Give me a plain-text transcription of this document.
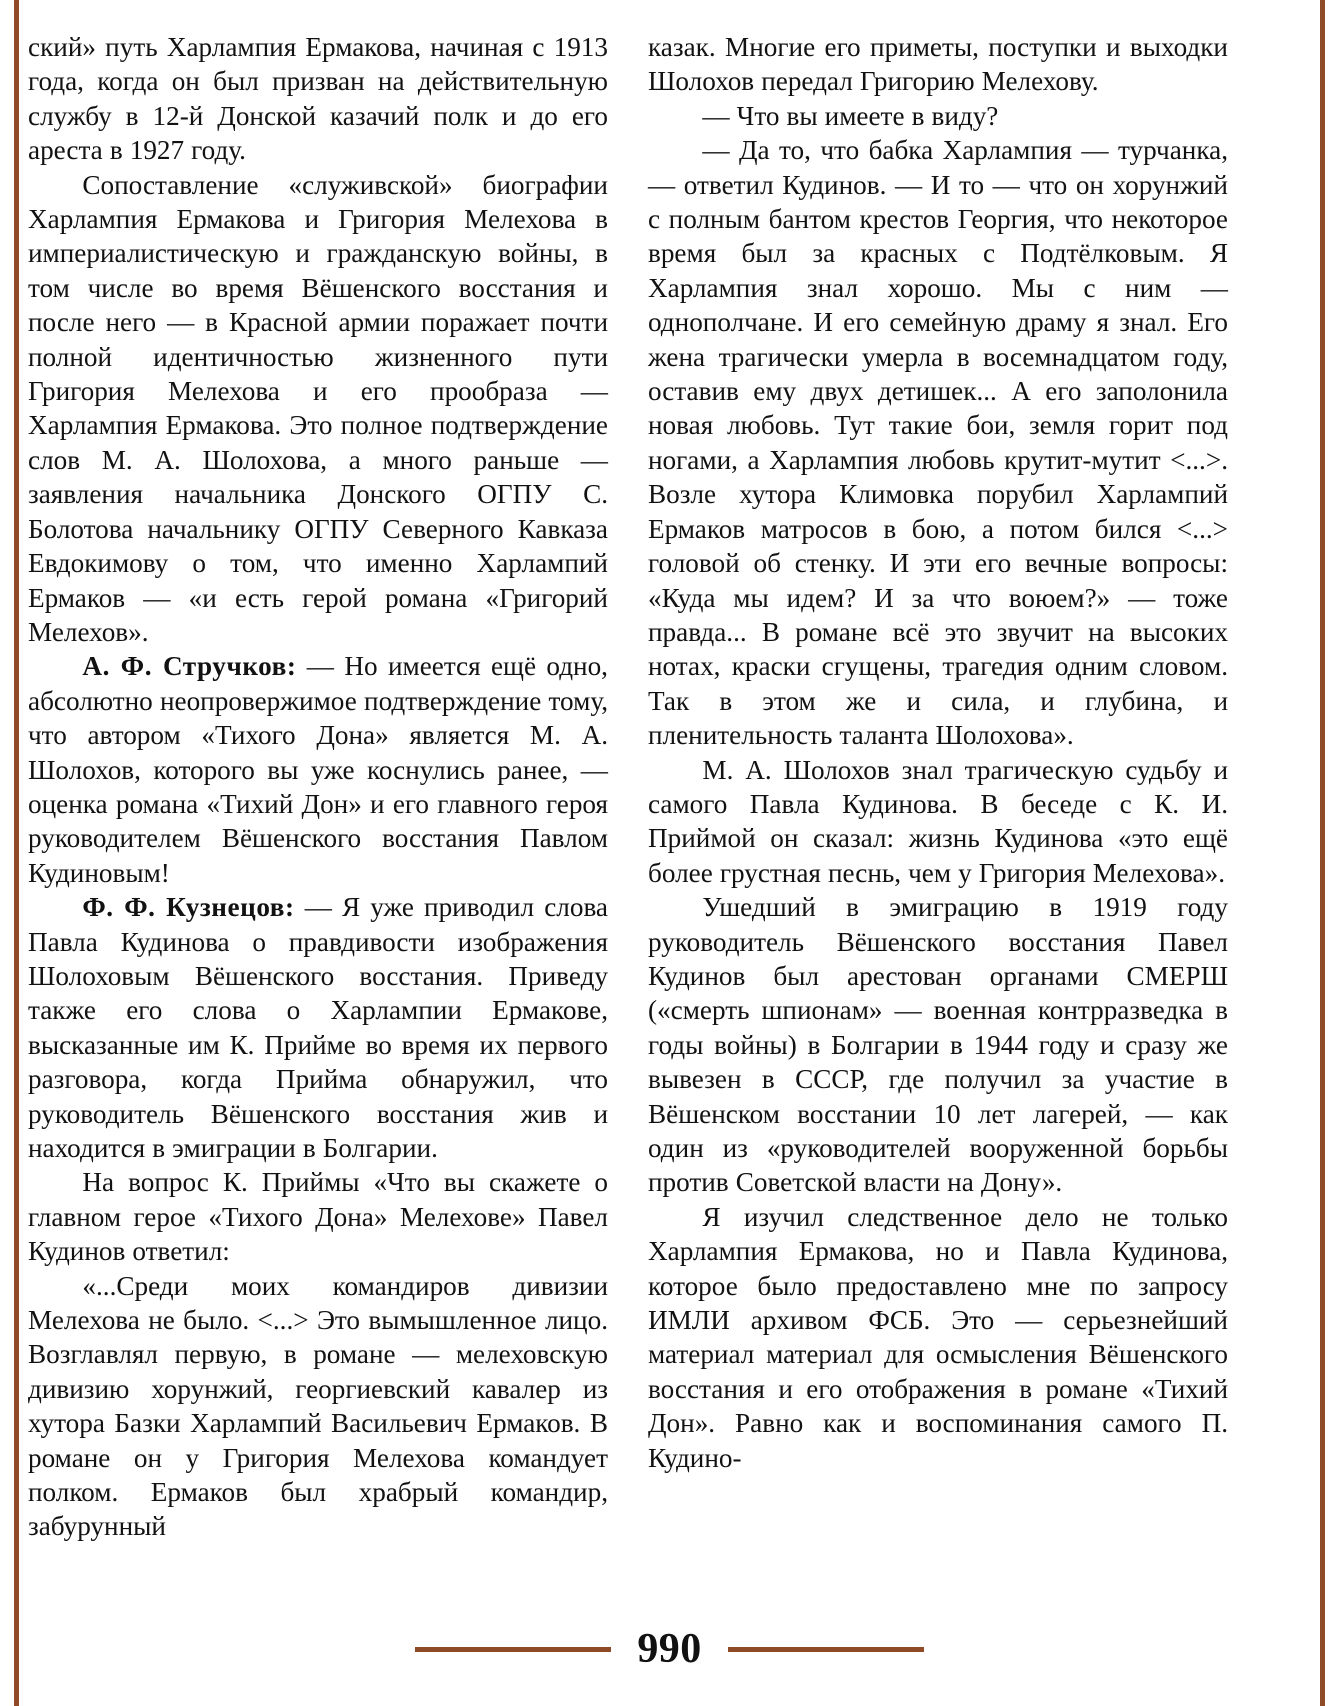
ский» путь Харлампия Ермакова, начиная с 1913 года, когда он был призван на действительную службу в 12-й Донской казачий полк и до его ареста в 1927 году.

Сопоставление «служивской» биографии Харлампия Ермакова и Григория Мелехова в империалистическую и гражданскую войны, в том числе во время Вёшенского восстания и после него — в Красной армии поражает почти полной идентичностью жизненного пути Григория Мелехова и его прообраза — Харлампия Ермакова. Это полное подтверждение слов М. А. Шолохова, а много раньше — заявления начальника Донского ОГПУ С. Болотова начальнику ОГПУ Северного Кавказа Евдокимову о том, что именно Харлампий Ермаков — «и есть герой романа «Григорий Мелехов».

А. Ф. Стручков: — Но имеется ещё одно, абсолютно неопровержимое подтверждение тому, что автором «Тихого Дона» является М. А. Шолохов, которого вы уже коснулись ранее, — оценка романа «Тихий Дон» и его главного героя руководителем Вёшенского восстания Павлом Кудиновым!

Ф. Ф. Кузнецов: — Я уже приводил слова Павла Кудинова о правдивости изображения Шолоховым Вёшенского восстания. Приведу также его слова о Харлампии Ермакове, высказанные им К. Прийме во время их первого разговора, когда Прийма обнаружил, что руководитель Вёшенского восстания жив и находится в эмиграции в Болгарии.

На вопрос К. Приймы «Что вы скажете о главном герое «Тихого Дона» Мелехове» Павел Кудинов ответил:

«...Среди моих командиров дивизии Мелехова не было. <...> Это вымышленное лицо. Возглавлял первую, в романе — мелеховскую дивизию хорунжий, георгиевский кавалер из хутора Базки Харлампий Васильевич Ермаков. В романе он у Григория Мелехова командует полком. Ермаков был храбрый командир, забурунный

казак. Многие его приметы, поступки и выходки Шолохов передал Григорию Мелехову.

— Что вы имеете в виду?

— Да то, что бабка Харлампия — турчанка, — ответил Кудинов. — И то — что он хорунжий с полным бантом крестов Георгия, что некоторое время был за красных с Подтёлковым. Я Харлампия знал хорошо. Мы с ним — однополчане. И его семейную драму я знал. Его жена трагически умерла в восемнадцатом году, оставив ему двух детишек... А его заполонила новая любовь. Тут такие бои, земля горит под ногами, а Харлампия любовь крутит-мутит <...>. Возле хутора Климовка порубил Харлампий Ермаков матросов в бою, а потом бился <...> головой об стенку. И эти его вечные вопросы: «Куда мы идем? И за что воюем?» — тоже правда... В романе всё это звучит на высоких нотах, краски сгущены, трагедия одним словом. Так в этом же и сила, и глубина, и пленительность таланта Шолохова».

М. А. Шолохов знал трагическую судьбу и самого Павла Кудинова. В беседе с К. И. Приймой он сказал: жизнь Кудинова «это ещё более грустная песнь, чем у Григория Мелехова».

Ушедший в эмиграцию в 1919 году руководитель Вёшенского восстания Павел Кудинов был арестован органами СМЕРШ («смерть шпионам» — военная контрразведка в годы войны) в Болгарии в 1944 году и сразу же вывезен в СССР, где получил за участие в Вёшенском восстании 10 лет лагерей, — как один из «руководителей вооруженной борьбы против Советской власти на Дону».

Я изучил следственное дело не только Харлампия Ермакова, но и Павла Кудинова, которое было предоставлено мне по запросу ИМЛИ архивом ФСБ. Это — серьезнейший материал материал для осмысления Вёшенского восстания и его отображения в романе «Тихий Дон». Равно как и воспоминания самого П. Кудино-

990
